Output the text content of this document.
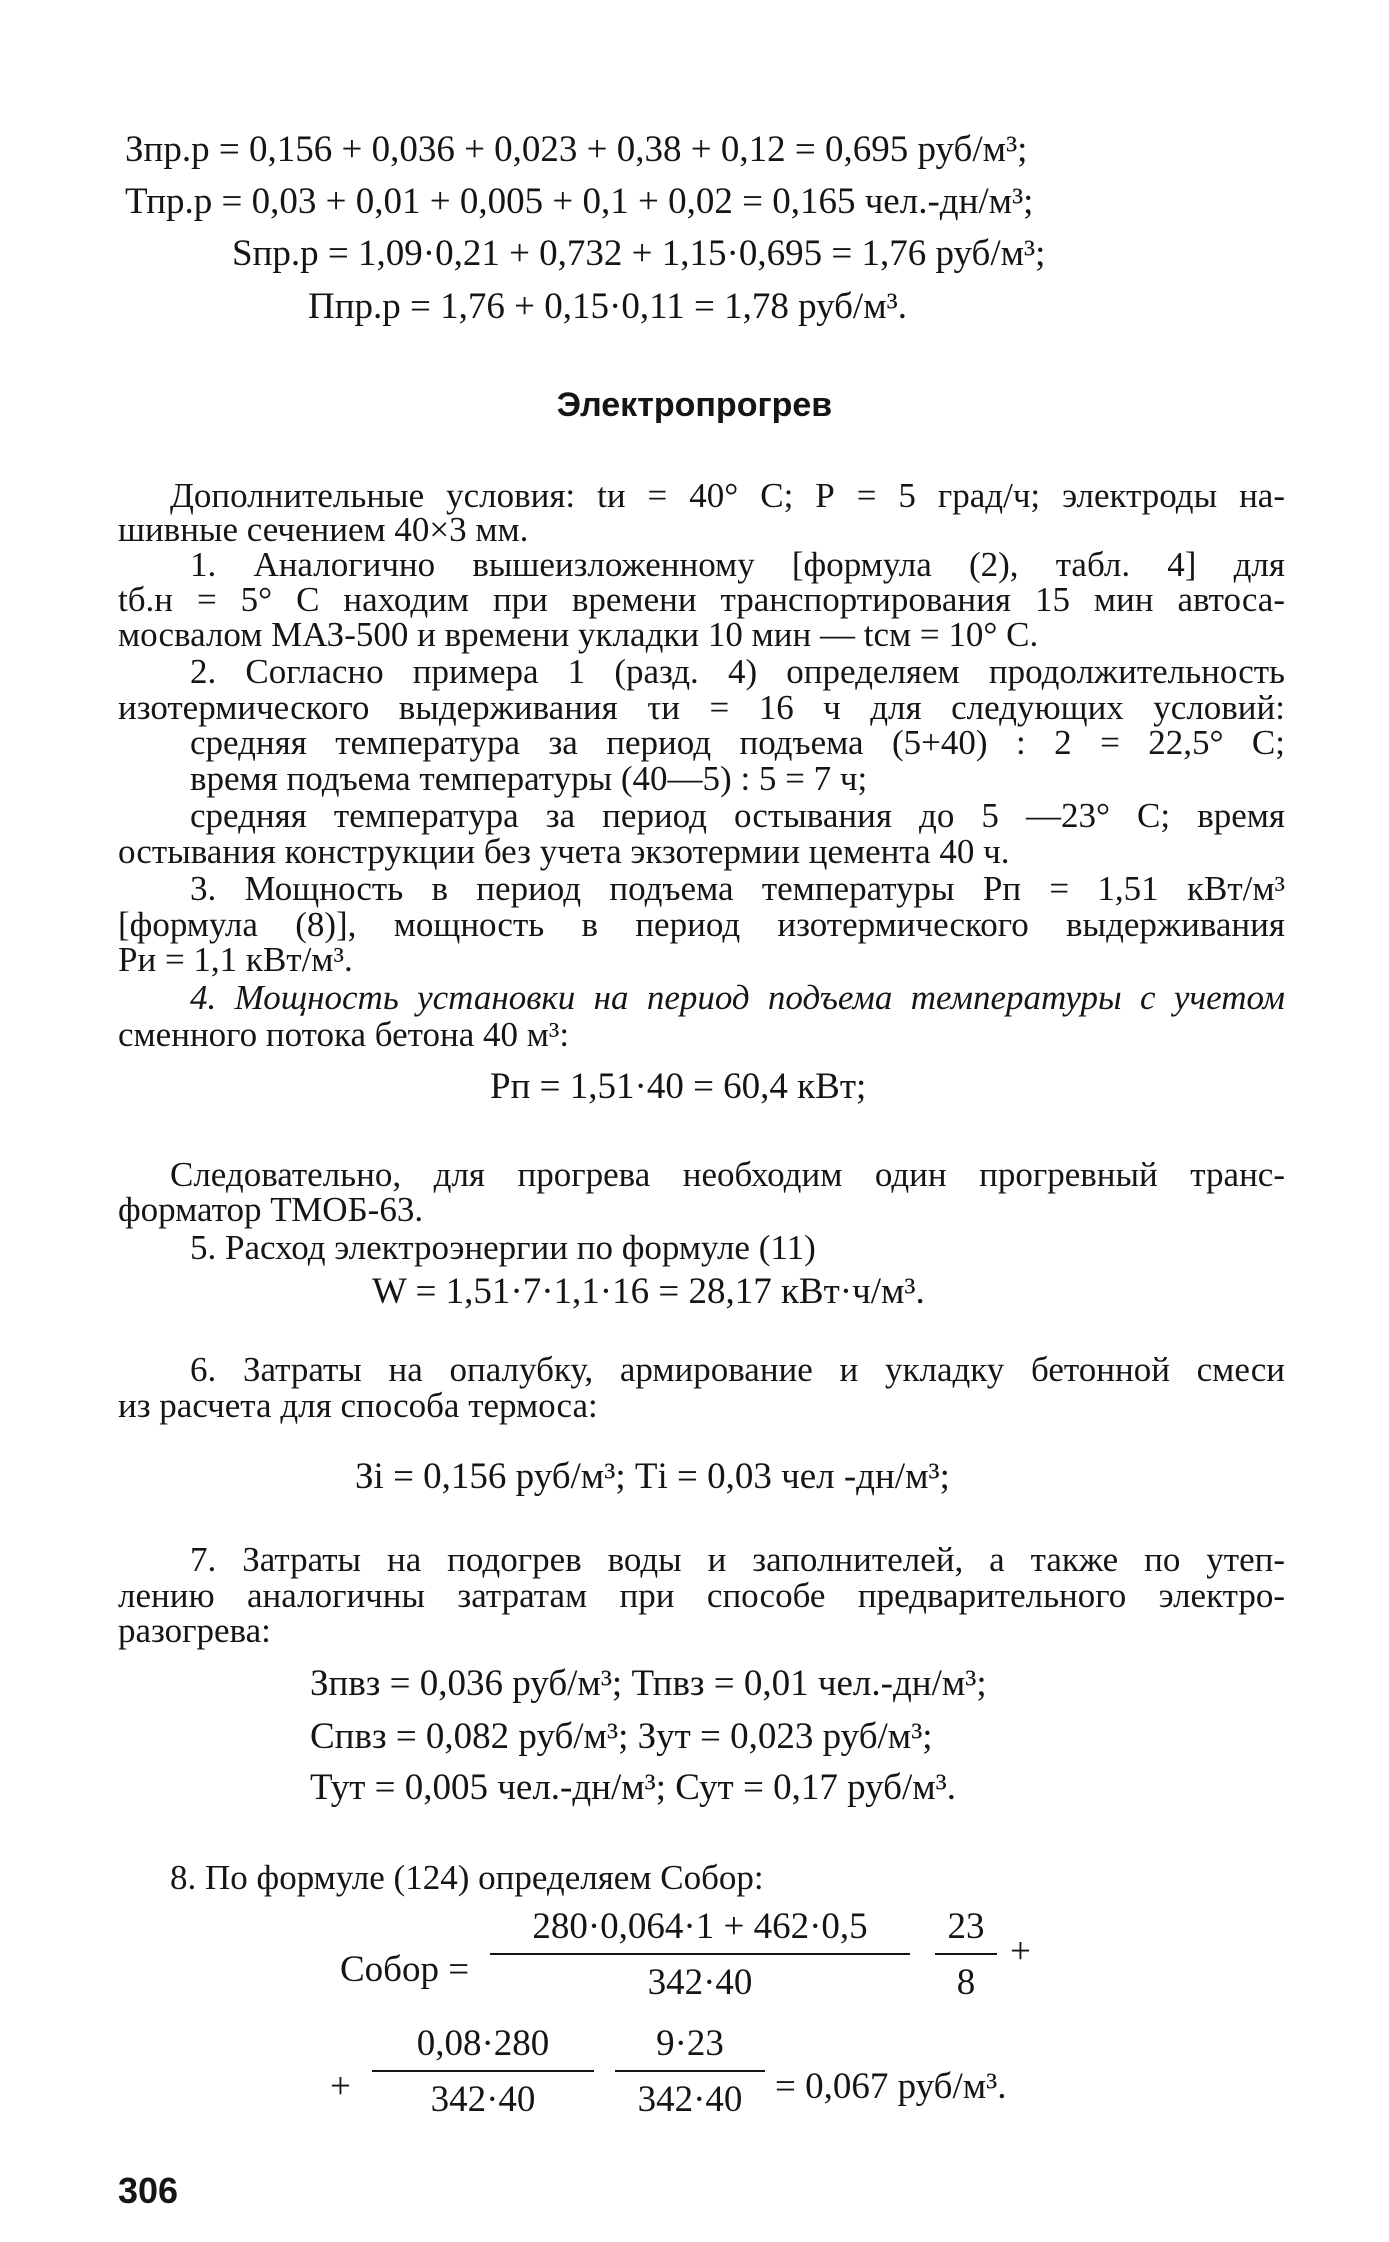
Зпр.р = 0,156 + 0,036 + 0,023 + 0,38 + 0,12 = 0,695 руб/м³;
Тпр.р = 0,03 + 0,01 + 0,005 + 0,1 + 0,02 = 0,165 чел.-дн/м³;
Sпр.р = 1,09·0,21 + 0,732 + 1,15·0,695 = 1,76 руб/м³;
Ппр.р = 1,76 + 0,15·0,11 = 1,78 руб/м³.
Электропрогрев
Дополнительные условия: tи = 40° С; Р = 5 град/ч; электроды на-
шивные сечением 40×3 мм.
1. Аналогично вышеизложенному [формула (2), табл. 4] для
tб.н = 5° С находим при времени транспортирования 15 мин автоса-
мосвалом МАЗ-500 и времени укладки 10 мин — tсм = 10° С.
2. Согласно примера 1 (разд. 4) определяем продолжительность
изотермического выдерживания τи = 16 ч для следующих условий:
средняя температура за период подъема (5+40) : 2 = 22,5° С;
время подъема температуры (40—5) : 5 = 7 ч;
средняя температура за период остывания до 5 —23° С; время
остывания конструкции без учета экзотермии цемента 40 ч.
3. Мощность в период подъема температуры Рп = 1,51 кВт/м³
[формула (8)], мощность в период изотермического выдерживания
Ри = 1,1 кВт/м³.
4. Мощность установки на период подъема температуры с учетом
сменного потока бетона 40 м³:
Рп = 1,51·40 = 60,4 кВт;
Следовательно, для прогрева необходим один прогревный транс-
форматор ТМОБ-63.
5. Расход электроэнергии по формуле (11)
W = 1,51·7·1,1·16 = 28,17 кВт·ч/м³.
6. Затраты на опалубку, армирование и укладку бетонной смеси
из расчета для способа термоса:
Зi = 0,156 руб/м³; Тi = 0,03 чел -дн/м³;
7. Затраты на подогрев воды и заполнителей, а также по утеп-
лению аналогичны затратам при способе предварительного электро-
разогрева:
Зпвз = 0,036 руб/м³; Тпвз = 0,01 чел.-дн/м³;
Спвз = 0,082 руб/м³; Зут = 0,023 руб/м³;
Тут = 0,005 чел.-дн/м³; Сут = 0,17 руб/м³.
8. По формуле (124) определяем Собор:
Собор =
280·0,064·1 + 462·0,5
342·40
23
8
+
+
0,08·280
342·40
9·23
342·40 = 0,067 руб/м³.
306
